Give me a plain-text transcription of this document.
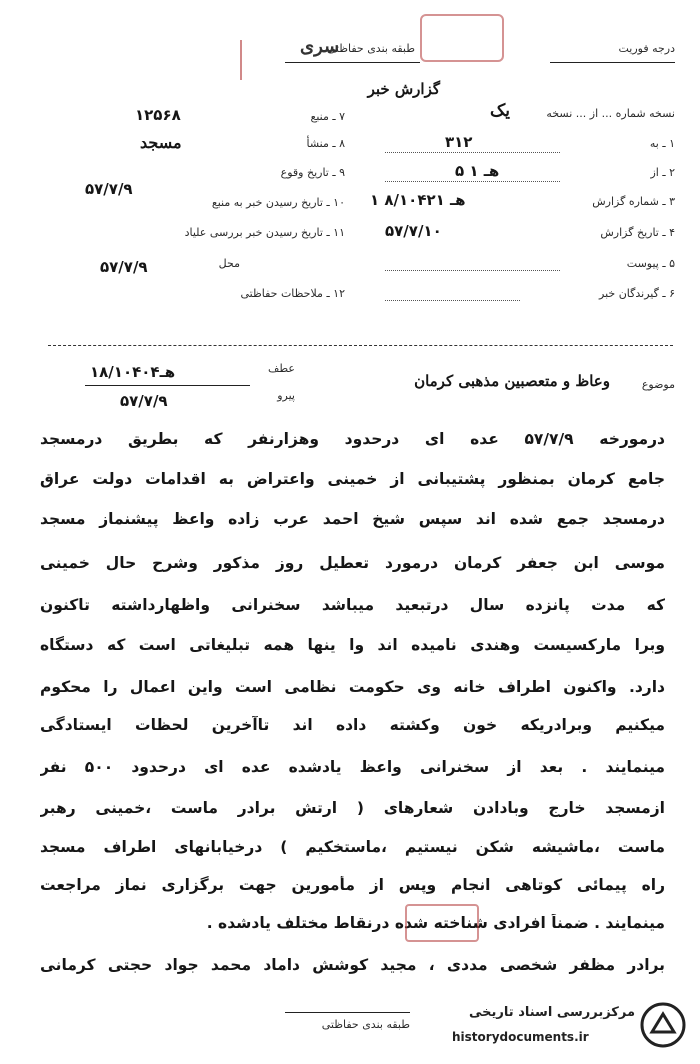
درجه فوریت
طبقه بندی حفاظتی
سری
گزارش خبر
نسخه شماره ... از ... نسخه
یک
۱ ـ به
۳۱۲
۲ ـ از
۵ هـ ۱
۳ ـ شماره گزارش
۱ هـ ۸/۱۰۴۲۱
۴ ـ تاریخ گزارش
۵۷/۷/۱۰
۵ ـ پیوست
۶ ـ گیرندگان خبر
۷ ـ منبع
۱۲۵۶۸
۸ ـ منشأ
مسجد
۹ ـ تاریخ وقوع
۵۷/۷/۹
۱۰ ـ تاریخ رسیدن خبر به منبع
۱۱ ـ تاریخ رسیدن خبر بررسی علیاد
محل
۵۷/۷/۹
۱۲ ـ ملاحظات حفاظتی
موضوع
وعاظ و متعصبین مذهبی کرمان
عطف
پیرو
۱هـ۸/۱۰۴۰۴
۵۷/۷/۹
درمورخه ۵۷/۷/۹ عده ای درحدود وهزارنفر که بطریق درمسجد
جامع کرمان بمنظور پشتیبانی از خمینی واعتراض به اقدامات دولت عراق
درمسجد جمع شده اند سپس شیخ احمد عرب زاده واعظ پیشنماز مسجد
موسی ابن جعفر کرمان درمورد تعطیل روز مذکور وشرح حال خمینی
که مدت پانزده سال درتبعید میباشد سخنرانی واظهارداشته تاکنون
وبرا مارکسیست وهندی نامیده اند وا ینها همه تبلیغاتی است که دستگاه
دارد. واکنون اطراف خانه وی حکومت نظامی است واین اعمال را محکوم
میکنیم وبرادریکه خون وکشته داده اند تاآخرین لحظات ایستادگی
مینمایند . بعد از سخنرانی واعظ یادشده عده ای درحدود ۵۰۰ نفر
ازمسجد خارج وبادادن شعارهای ( ارتش برادر ماست ،خمینی رهبر
ماست ،ماشیشه شکن نیستیم ،ماستخکیم ) درخیابانهای اطراف مسجد
راه پیمائی کوتاهی انجام وپس از مأمورین جهت برگزاری نماز مراجعت
مینمایند . ضمناً افرادی شناخته شده درنقاط مختلف یادشده .
برادر مظفر شخصی مددی ، مجید کوشش داماد محمد جواد حجتی کرمانی
طبقه بندی حفاظتی
مرکزبررسی اسناد تاریخی
historydocuments.ir
